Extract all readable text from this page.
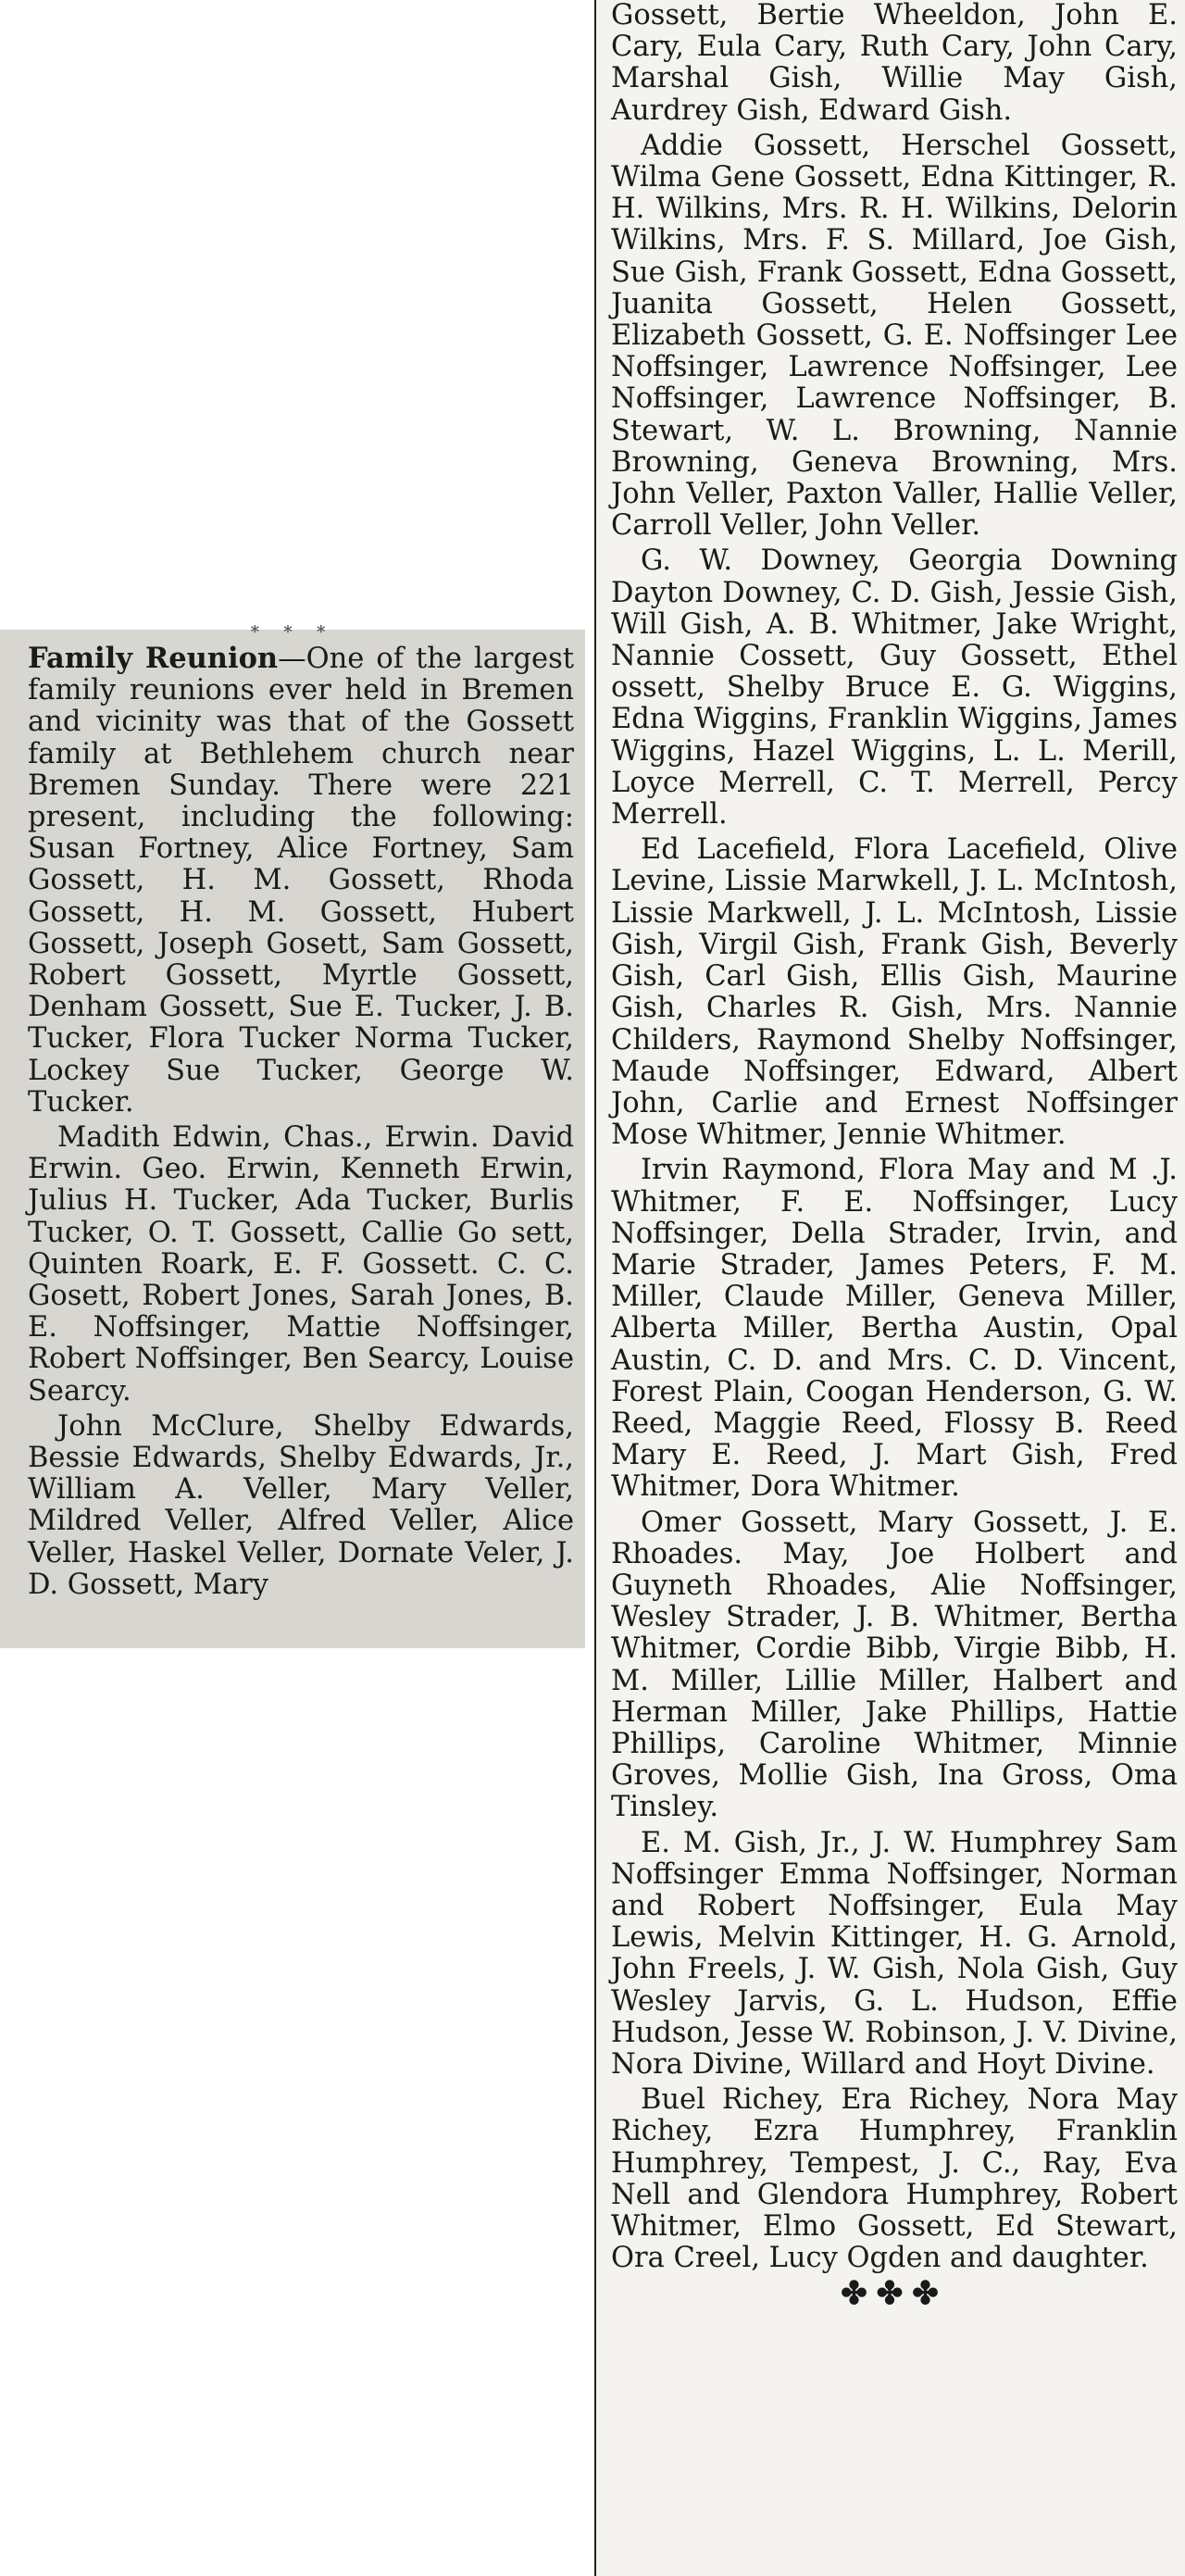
* * *

Family Reunion—One of the largest family reunions ever held in Bremen and vicinity was that of the Gossett family at Bethlehem church near Bremen Sunday. There were 221 present, including the following: Susan Fortney, Alice Fortney, Sam Gossett, H. M. Gossett, Rhoda Gossett, H. M. Gossett, Hubert Gossett, Joseph Gosett, Sam Gossett, Robert Gossett, Myrtle Gossett, Denham Gossett, Sue E. Tucker, J. B. Tucker, Flora Tucker Norma Tucker, Lockey Sue Tucker, George W. Tucker.

Madith Edwin, Chas., Erwin. David Erwin. Geo. Erwin, Kenneth Erwin, Julius H. Tucker, Ada Tucker, Burlis Tucker, O. T. Gossett, Callie Go sett, Quinten Roark, E. F. Gossett. C. C. Gosett, Robert Jones, Sarah Jones, B. E. Noffsinger, Mattie Noffsinger, Robert Noffsinger, Ben Searcy, Louise Searcy.

John McClure, Shelby Edwards, Bessie Edwards, Shelby Edwards, Jr., William A. Veller, Mary Veller, Mildred Veller, Alfred Veller, Alice Veller, Haskel Veller, Dornate Veler, J. D. Gossett, Mary

Gossett, Bertie Wheeldon, John E. Cary, Eula Cary, Ruth Cary, John Cary, Marshal Gish, Willie May Gish, Aurdrey Gish, Edward Gish.

Addie Gossett, Herschel Gossett, Wilma Gene Gossett, Edna Kittinger, R. H. Wilkins, Mrs. R. H. Wilkins, Delorin Wilkins, Mrs. F. S. Millard, Joe Gish, Sue Gish, Frank Gossett, Edna Gossett, Juanita Gossett, Helen Gossett, Elizabeth Gossett, G. E. Noffsinger Lee Noffsinger, Lawrence Noffsinger, Lee Noffsinger, Lawrence Noffsinger, B. Stewart, W. L. Browning, Nannie Browning, Geneva Browning, Mrs. John Veller, Paxton Valler, Hallie Veller, Carroll Veller, John Veller.

G. W. Downey, Georgia Downing Dayton Downey, C. D. Gish, Jessie Gish, Will Gish, A. B. Whitmer, Jake Wright, Nannie Cossett, Guy Gossett, Ethel ossett, Shelby Bruce E. G. Wiggins, Edna Wiggins, Franklin Wiggins, James Wiggins, Hazel Wiggins, L. L. Merill, Loyce Merrell, C. T. Merrell, Percy Merrell.

Ed Lacefield, Flora Lacefield, Olive Levine, Lissie Marwkell, J. L. McIntosh, Lissie Markwell, J. L. McIntosh, Lissie Gish, Virgil Gish, Frank Gish, Beverly Gish, Carl Gish, Ellis Gish, Maurine Gish, Charles R. Gish, Mrs. Nannie Childers, Raymond Shelby Noffsinger, Maude Noffsinger, Edward, Albert John, Carlie and Ernest Noffsinger Mose Whitmer, Jennie Whitmer.

Irvin Raymond, Flora May and M .J. Whitmer, F. E. Noffsinger, Lucy Noffsinger, Della Strader, Irvin, and Marie Strader, James Peters, F. M. Miller, Claude Miller, Geneva Miller, Alberta Miller, Bertha Austin, Opal Austin, C. D. and Mrs. C. D. Vincent, Forest Plain, Coogan Henderson, G. W. Reed, Maggie Reed, Flossy B. Reed Mary E. Reed, J. Mart Gish, Fred Whitmer, Dora Whitmer.

Omer Gossett, Mary Gossett, J. E. Rhoades. May, Joe Holbert and Guyneth Rhoades, Alie Noffsinger, Wesley Strader, J. B. Whitmer, Bertha Whitmer, Cordie Bibb, Virgie Bibb, H. M. Miller, Lillie Miller, Halbert and Herman Miller, Jake Phillips, Hattie Phillips, Caroline Whitmer, Minnie Groves, Mollie Gish, Ina Gross, Oma Tinsley.

E. M. Gish, Jr., J. W. Humphrey Sam Noffsinger Emma Noffsinger, Norman and Robert Noffsinger, Eula May Lewis, Melvin Kittinger, H. G. Arnold, John Freels, J. W. Gish, Nola Gish, Guy Wesley Jarvis, G. L. Hudson, Effie Hudson, Jesse W. Robinson, J. V. Divine, Nora Divine, Willard and Hoyt Divine.

Buel Richey, Era Richey, Nora May Richey, Ezra Humphrey, Franklin Humphrey, Tempest, J. C., Ray, Eva Nell and Glendora Humphrey, Robert Whitmer, Elmo Gossett, Ed Stewart, Ora Creel, Lucy Ogden and daughter.

✤✤✤
